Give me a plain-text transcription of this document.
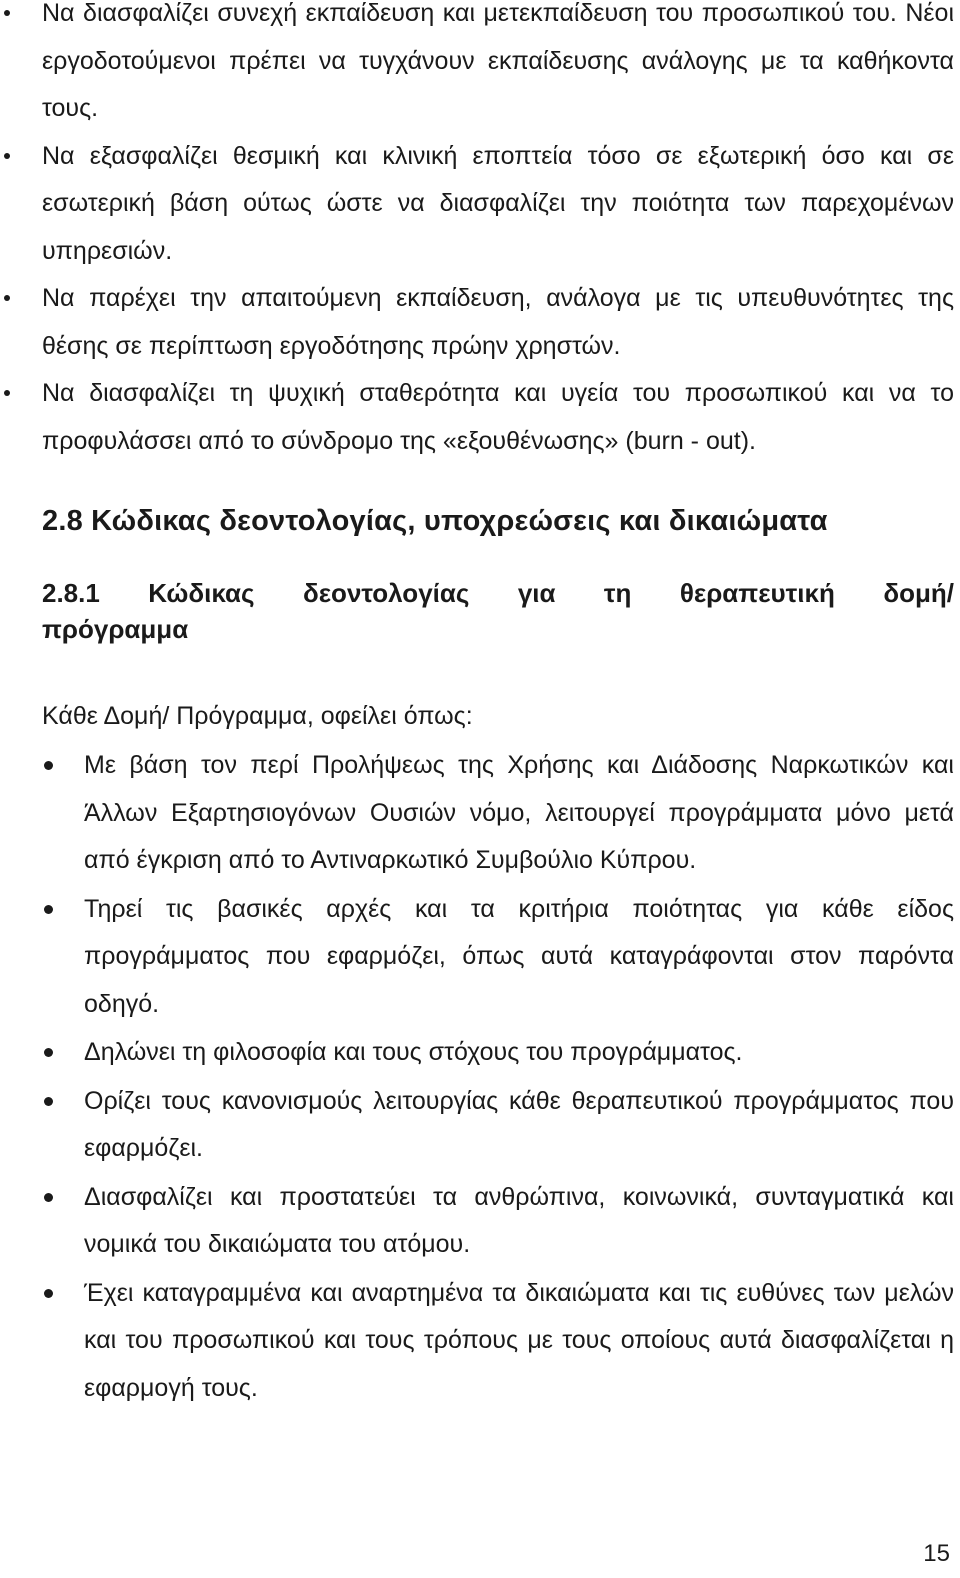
Να διασφαλίζει συνεχή εκπαίδευση και μετεκπαίδευση του προσωπικού του. Νέοι εργοδοτούμενοι πρέπει να τυγχάνουν εκπαίδευσης ανάλογης με τα καθήκοντα τους.
Να εξασφαλίζει θεσμική και κλινική εποπτεία τόσο σε εξωτερική όσο και σε εσωτερική βάση ούτως ώστε να διασφαλίζει την ποιότητα των παρεχομένων υπηρεσιών.
Να παρέχει την απαιτούμενη εκπαίδευση, ανάλογα με τις υπευθυνότητες της θέσης σε περίπτωση εργοδότησης πρώην χρηστών.
Να διασφαλίζει τη ψυχική σταθερότητα και υγεία του προσωπικού και να το προφυλάσσει από το σύνδρομο της «εξουθένωσης» (burn - out).
2.8 Κώδικας δεοντολογίας, υποχρεώσεις και δικαιώματα
2.8.1 Κώδικας δεοντολογίας για τη θεραπευτική δομή/
πρόγραμμα

Κάθε Δομή/ Πρόγραμμα, οφείλει όπως:

Με βάση τον περί Προλήψεως της Χρήσης και Διάδοσης Ναρκωτικών και Άλλων Εξαρτησιογόνων Ουσιών νόμο, λειτουργεί προγράμματα μόνο μετά από έγκριση από το Αντιναρκωτικό Συμβούλιο Κύπρου.
Τηρεί τις βασικές αρχές και τα κριτήρια ποιότητας για κάθε είδος προγράμματος που εφαρμόζει, όπως αυτά καταγράφονται στον παρόντα οδηγό.
Δηλώνει τη φιλοσοφία και τους στόχους του προγράμματος.
Ορίζει τους κανονισμούς λειτουργίας κάθε θεραπευτικού προγράμματος που εφαρμόζει.
Διασφαλίζει και προστατεύει τα ανθρώπινα, κοινωνικά, συνταγματικά και νομικά του δικαιώματα του ατόμου.
Έχει καταγραμμένα και αναρτημένα τα δικαιώματα και τις ευθύνες των μελών και του προσωπικού και τους τρόπους με τους οποίους αυτά διασφαλίζεται η εφαρμογή τους.
15
